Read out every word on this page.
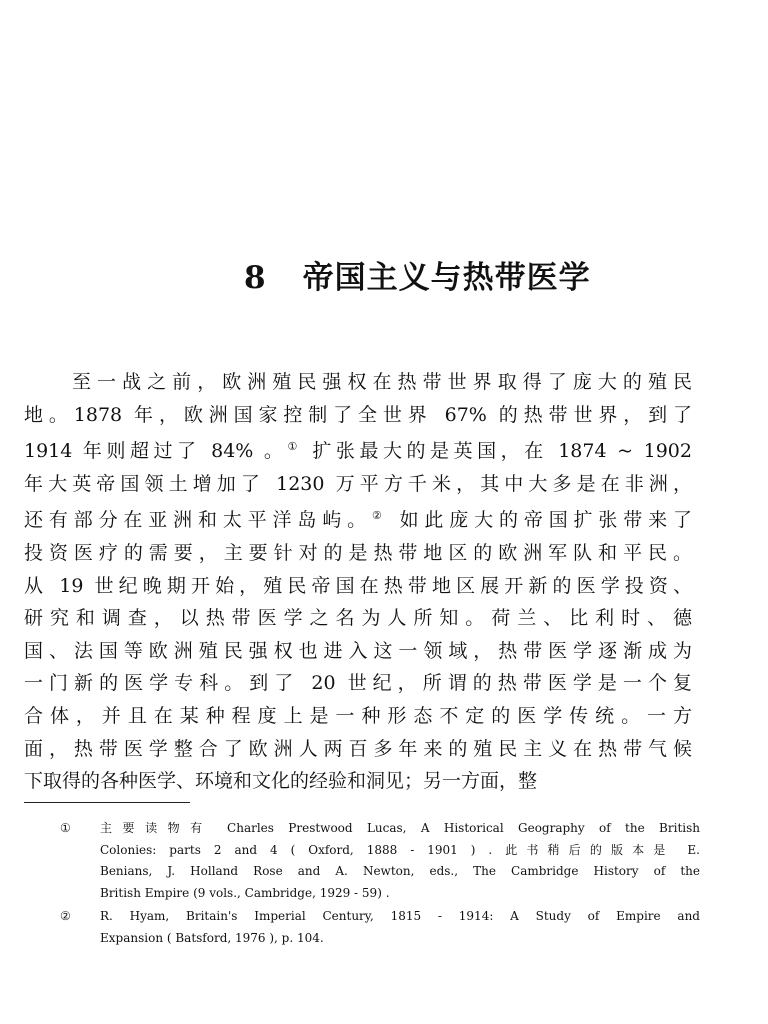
8 帝国主义与热带医学
至一战之前，欧洲殖民强权在热带世界取得了庞大的殖民
地。1878 年，欧洲国家控制了全世界 67% 的热带世界，到了
1914 年则超过了 84% 。① 扩张最大的是英国，在 1874 ~ 1902
年大英帝国领土增加了 1230 万平方千米，其中大多是在非洲，
还有部分在亚洲和太平洋岛屿。② 如此庞大的帝国扩张带来了
投资医疗的需要，主要针对的是热带地区的欧洲军队和平民。
从 19 世纪晚期开始，殖民帝国在热带地区展开新的医学投资、
研究和调查，以热带医学之名为人所知。荷兰、比利时、德
国、法国等欧洲殖民强权也进入这一领域，热带医学逐渐成为
一门新的医学专科。到了 20 世纪，所谓的热带医学是一个复
合体，并且在某种程度上是一种形态不定的医学传统。一方
面，热带医学整合了欧洲人两百多年来的殖民主义在热带气候
下取得的各种医学、环境和文化的经验和洞见；另一方面，整
① 主要读物有 Charles Prestwood Lucas, A Historical Geography of the British
Colonies: parts 2 and 4 ( Oxford, 1888 - 1901 ) . 此书稍后的版本是 E.
Benians, J. Holland Rose and A. Newton, eds., The Cambridge History of the
British Empire (9 vols., Cambridge, 1929 - 59) .
② R. Hyam, Britain's Imperial Century, 1815 - 1914: A Study of Empire and
Expansion ( Batsford, 1976 ), p. 104.
